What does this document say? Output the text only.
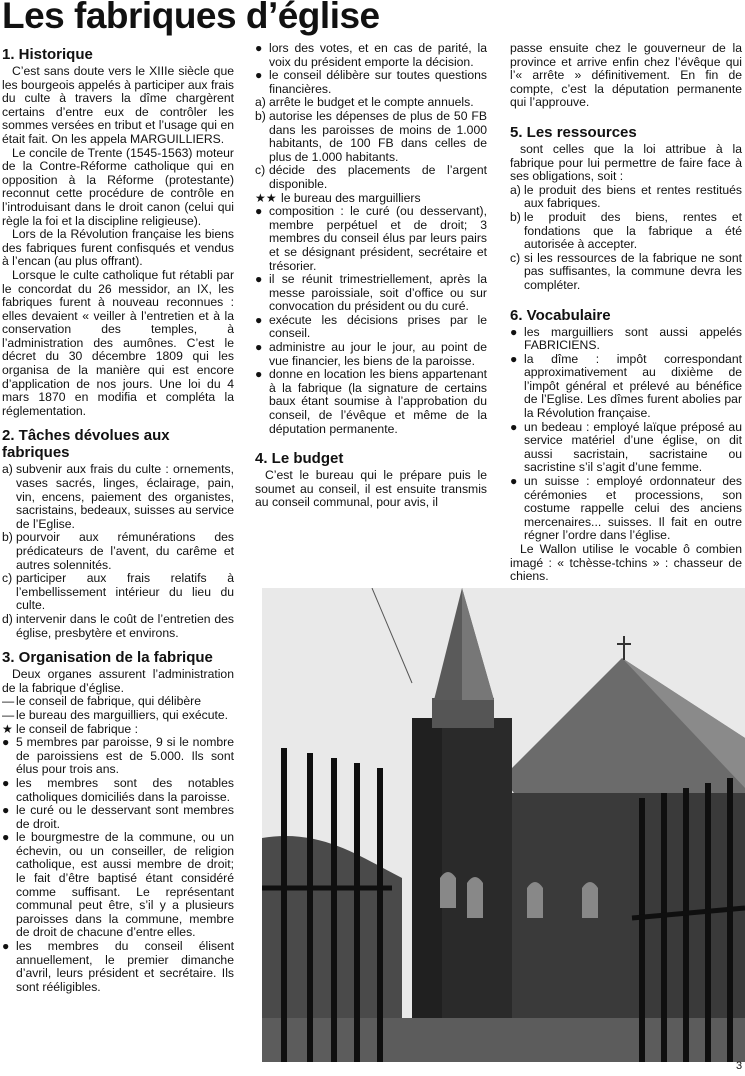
Les fabriques d’église
1. Historique

C’est sans doute vers le XIIIe siècle que les bourgeois appelés à participer aux frais du culte à travers la dîme chargèrent certains d’entre eux de contrôler les sommes versées en tribut et l’usage qui en était fait. On les appela MARGUILLIERS.

Le concile de Trente (1545-1563) moteur de la Contre-Réforme catholique qui en opposition à la Réforme (protestante) reconnut cette procédure de contrôle en l’introduisant dans le droit canon (celui qui règle la foi et la discipline religieuse).

Lors de la Révolution française les biens des fabriques furent confisqués et vendus à l’encan (au plus offrant).

Lorsque le culte catholique fut rétabli par le concordat du 26 messidor, an IX, les fabriques furent à nouveau reconnues : elles devaient « veiller à l’entretien et à la conservation des temples, à l’administration des aumônes. C’est le décret du 30 décembre 1809 qui les organisa de la manière qui est encore d’application de nos jours. Une loi du 4 mars 1870 en modifia et compléta la réglementation.

2. Tâches dévolues aux fabriques
a) subvenir aux frais du culte : ornements, vases sacrés, linges, éclairage, pain, vin, encens, paiement des organistes, sacristains, bedeaux, suisses au service de l’Eglise.
b) pourvoir aux rémunérations des prédicateurs de l’avent, du carême et autres solennités.
c) participer aux frais relatifs à l’embellissement intérieur du lieu du culte.
d) intervenir dans le coût de l’entretien des église, presbytère et environs.
3. Organisation de la fabrique

Deux organes assurent l’administration de la fabrique d’église.

— le conseil de fabrique, qui délibère
— le bureau des marguilliers, qui exécute.
★ le conseil de fabrique :
● 5 membres par paroisse, 9 si le nombre de paroissiens est de 5.000. Ils sont élus pour trois ans.
● les membres sont des notables catholiques domiciliés dans la paroisse.
● le curé ou le desservant sont membres de droit.
● le bourgmestre de la commune, ou un échevin, ou un conseiller, de religion catholique, est aussi membre de droit; le fait d’être baptisé étant considéré comme suffisant. Le représentant communal peut être, s’il y a plusieurs paroisses dans la commune, membre de droit de chacune d’entre elles.
● les membres du conseil élisent annuellement, le premier dimanche d’avril, leurs président et secrétaire. Ils sont rééligibles.
● lors des votes, et en cas de parité, la voix du président emporte la décision.
● le conseil délibère sur toutes questions financières.
a) arrête le budget et le compte annuels.
b) autorise les dépenses de plus de 50 FB dans les paroisses de moins de 1.000 habitants, de 100 FB dans celles de plus de 1.000 habitants.
c) décide des placements de l’argent disponible.
★★ le bureau des marguilliers
● composition : le curé (ou desservant), membre perpétuel et de droit; 3 membres du conseil élus par leurs pairs et se désignant président, secrétaire et trésorier.
● il se réunit trimestriellement, après la messe paroissiale, soit d’office ou sur convocation du président ou du curé.
● exécute les décisions prises par le conseil.
● administre au jour le jour, au point de vue financier, les biens de la paroisse.
● donne en location les biens appartenant à la fabrique (la signature de certains baux étant soumise à l’approbation du conseil, de l’évêque et même de la députation permanente.
4. Le budget

C’est le bureau qui le prépare puis le soumet au conseil, il est ensuite transmis au conseil communal, pour avis, il

passe ensuite chez le gouverneur de la province et arrive enfin chez l’évêque qui l’« arrête » définitivement. En fin de compte, c’est la députation permanente qui l’approuve.

5. Les ressources

sont celles que la loi attribue à la fabrique pour lui permettre de faire face à ses obligations, soit :

a) le produit des biens et rentes restitués aux fabriques.
b) le produit des biens, rentes et fondations que la fabrique a été autorisée à accepter.
c) si les ressources de la fabrique ne sont pas suffisantes, la commune devra les compléter.
6. Vocabulaire
● les marguilliers sont aussi appelés FABRICIENS.
● la dîme : impôt correspondant approximativement au dixième de l’impôt général et prélevé au bénéfice de l’Eglise. Les dîmes furent abolies par la Révolution française.
● un bedeau : employé laïque préposé au service matériel d’une église, on dit aussi sacristain, sacristaine ou sacristine s’il s’agit d’une femme.
● un suisse : employé ordonnateur des cérémonies et processions, son costume rappelle celui des anciens mercenaires... suisses. Il fait en outre régner l’ordre dans l’église.

Le Wallon utilise le vocable ô combien imagé : « tchèsse-tchins » : chasseur de chiens.

3
